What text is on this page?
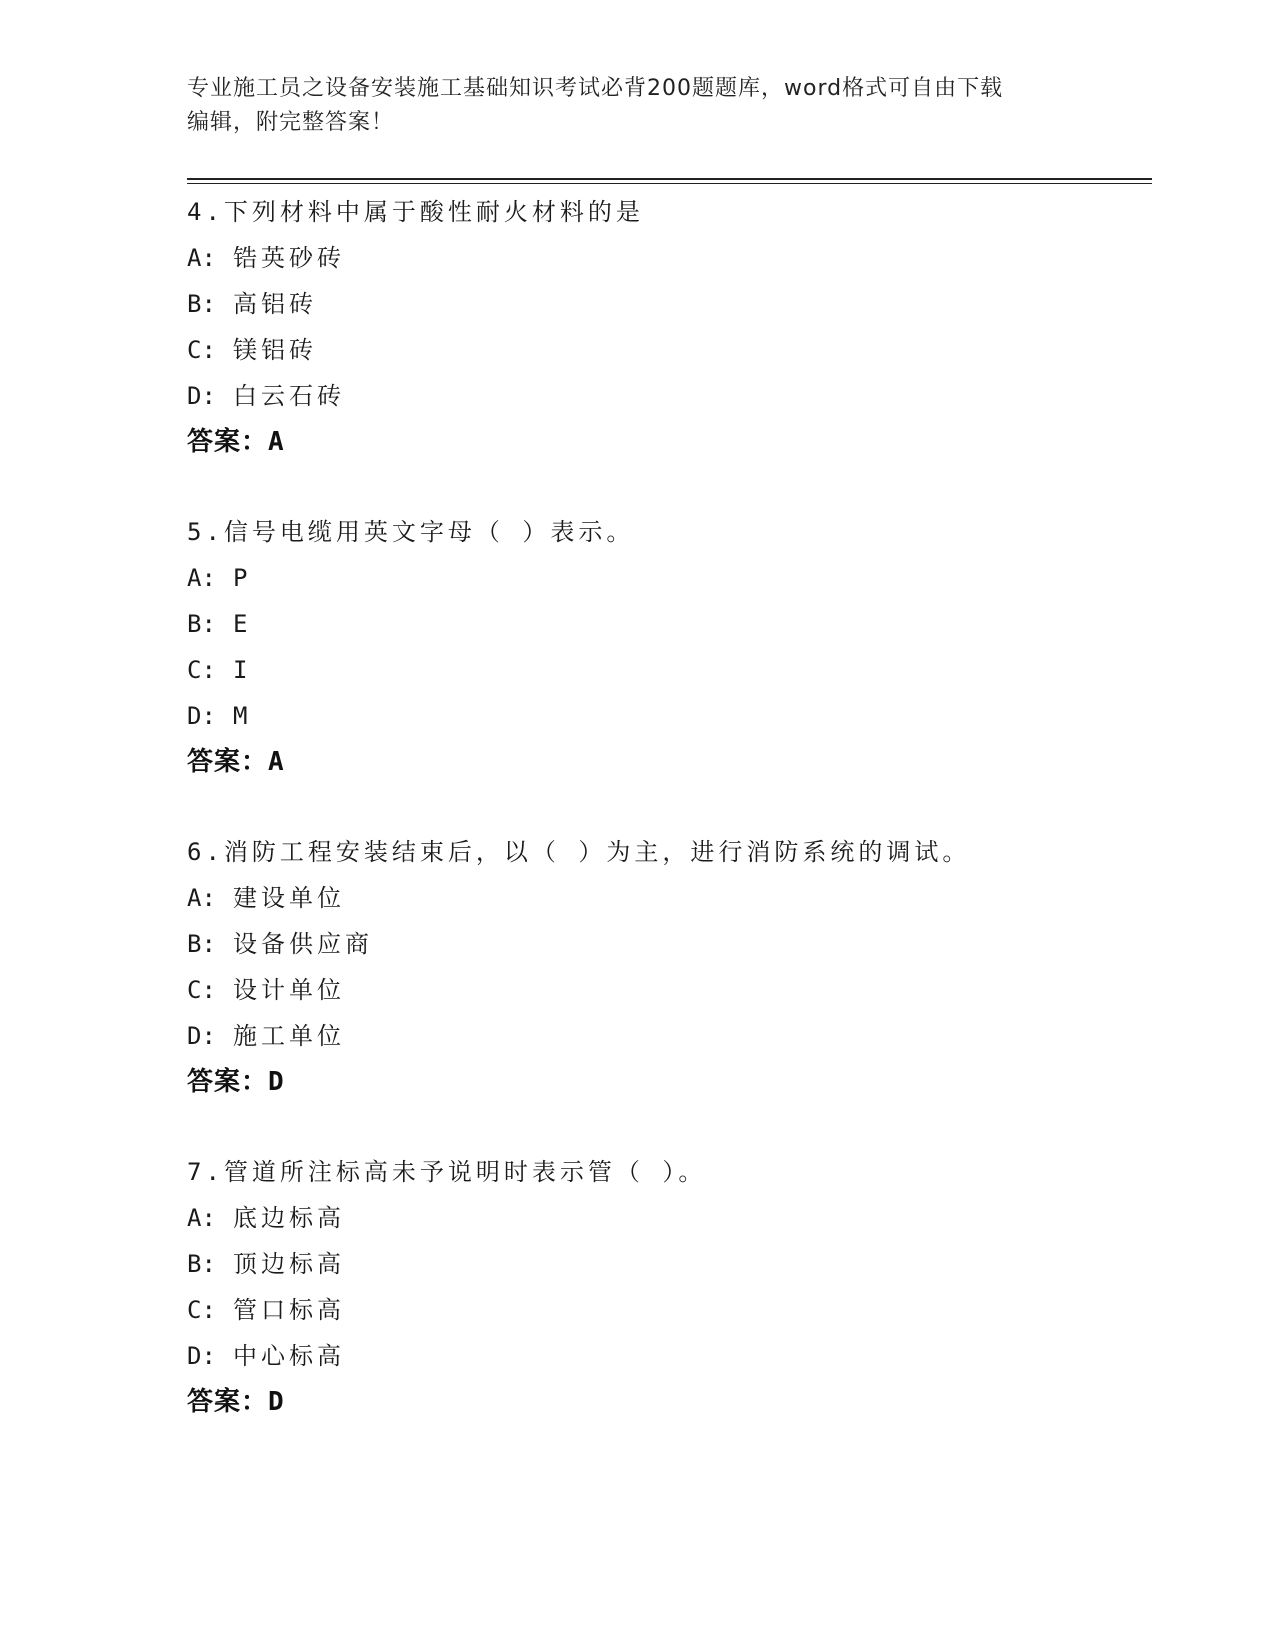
专业施工员之设备安装施工基础知识考试必背200题题库，word格式可自由下载
编辑，附完整答案！
4.下列材料中属于酸性耐火材料的是
A: 锆英砂砖
B: 高铝砖
C: 镁铝砖
D: 白云石砖
答案：A
5.信号电缆用英文字母（ ）表示。
A: P
B: E
C: I
D: M
答案：A
6.消防工程安装结束后，以（ ）为主，进行消防系统的调试。
A: 建设单位
B: 设备供应商
C: 设计单位
D: 施工单位
答案：D
7.管道所注标高未予说明时表示管（ ）。
A: 底边标高
B: 顶边标高
C: 管口标高
D: 中心标高
答案：D
